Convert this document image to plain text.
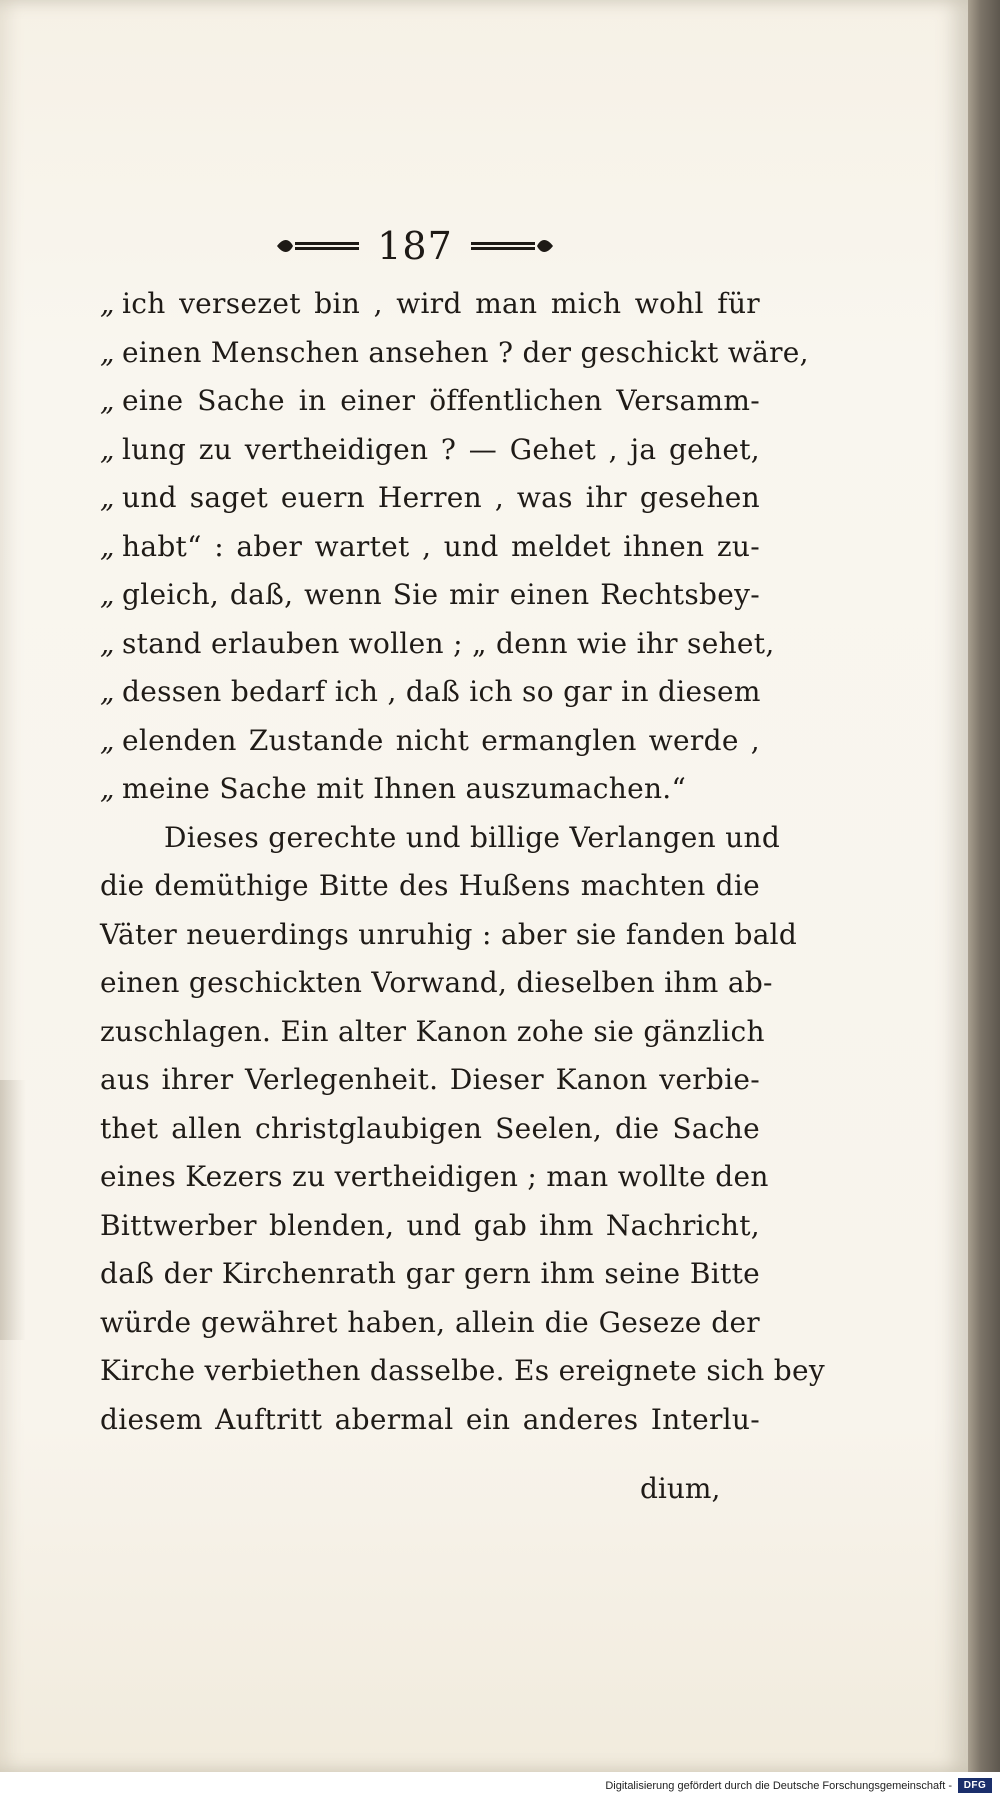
187
„ ich versezet bin , wird man mich wohl für
„ einen Menschen ansehen ? der geschickt wäre,
„ eine Sache in einer öffentlichen Versamm-
„ lung zu vertheidigen ? — Gehet , ja gehet,
„ und saget euern Herren , was ihr gesehen
„ habt“ : aber wartet , und meldet ihnen zu-
„ gleich, daß, wenn Sie mir einen Rechtsbey-
„ stand erlauben wollen ; „ denn wie ihr sehet,
„ dessen bedarf ich , daß ich so gar in diesem
„ elenden Zustande nicht ermanglen werde ,
„ meine Sache mit Ihnen auszumachen.“
Dieses gerechte und billige Verlangen und
die demüthige Bitte des Hußens machten die
Väter neuerdings unruhig : aber sie fanden bald
einen geschickten Vorwand, dieselben ihm ab-
zuschlagen. Ein alter Kanon zohe sie gänzlich
aus ihrer Verlegenheit. Dieser Kanon verbie-
thet allen christglaubigen Seelen, die Sache
eines Kezers zu vertheidigen ; man wollte den
Bittwerber blenden, und gab ihm Nachricht,
daß der Kirchenrath gar gern ihm seine Bitte
würde gewähret haben, allein die Geseze der
Kirche verbiethen dasselbe. Es ereignete sich bey
diesem Auftritt abermal ein anderes Interlu-
dium,
Digitalisierung gefördert durch die Deutsche Forschungsgemeinschaft -	DFG
